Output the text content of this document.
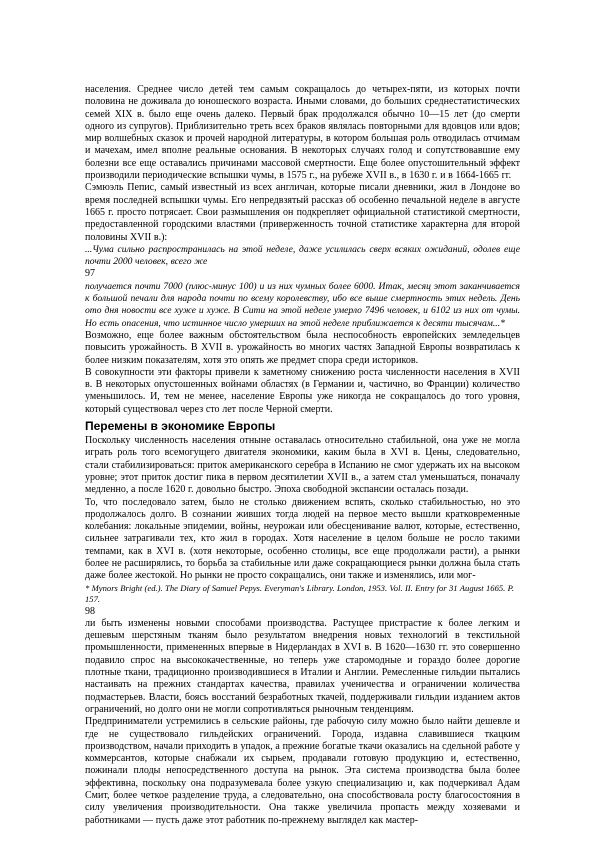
населения. Среднее число детей тем самым сокращалось до четырех-пяти, из которых почти половина не доживала до юношеского возраста. Иными словами, до больших среднестатистических семей XIX в. было еще очень далеко. Первый брак продолжался обычно 10—15 лет (до смерти одного из супругов). Приблизительно треть всех браков являлась повторными для вдовцов или вдов; мир волшебных сказок и прочей народной литературы, в котором большая роль отводилась отчимам и мачехам, имел вполне реальные основания. В некоторых случаях голод и сопутствовавшие ему болезни все еще оставались причинами массовой смертности. Еще более опустошительный эффект производили периодические вспышки чумы, в 1575 г., на рубеже XVII в., в 1630 г. и в 1664-1665 гг.

Сэмюэль Пепис, самый известный из всех англичан, которые писали дневники, жил в Лондоне во время последней вспышки чумы. Его непредвзятый рассказ об особенно печальной неделе в августе 1665 г. просто потрясает. Свои размышления он подкрепляет официальной статистикой смертности, предоставленной городскими властями (приверженность точной статистике характерна для второй половины XVII в.):

...Чума сильно распространилась на этой неделе, даже усилилась сверх всяких ожиданий, одолев еще почти 2000 человек, всего же

97

получается почти 7000 (плюс-минус 100) и из них чумных более 6000. Итак, месяц этот заканчивается к большой печали для народа почти по всему королевству, ибо все выше смертность этих недель. День ото дня новости все хуже и хуже. В Сити на этой неделе умерло 7496 человек, и 6102 из них от чумы. Но есть опасения, что истинное число умерших на этой неделе приближается к десяти тысячам...*

Возможно, еще более важным обстоятельством была неспособность европейских земледельцев повысить урожайность. В XVII в. урожайность во многих частях Западной Европы возвратилась к более низким показателям, хотя это опять же предмет спора среди историков.

В совокупности эти факторы привели к заметному снижению роста численности населения в XVII в. В некоторых опустошенных войнами областях (в Германии и, частично, во Франции) количество уменьшилось. И, тем не менее, население Европы уже никогда не сокращалось до того уровня, который существовал через сто лет после Черной смерти.

Перемены в экономике Европы

Поскольку численность населения отныне оставалась относительно стабильной, она уже не могла играть роль того всемогущего двигателя экономики, каким была в XVI в. Цены, следовательно, стали стабилизироваться: приток американского серебра в Испанию не смог удержать их на высоком уровне; этот приток достиг пика в первом десятилетии XVII в., а затем стал уменьшаться, поначалу медленно, а после 1620 г. довольно быстро. Эпоха свободной экспансии осталась позади.

То, что последовало затем, было не столько движением вспять, сколько стабильностью, но это продолжалось долго. В сознании живших тогда людей на первое место вышли кратковременные колебания: локальные эпидемии, войны, неурожаи или обесценивание валют, которые, естественно, сильнее затрагивали тех, кто жил в городах. Хотя население в целом больше не росло такими темпами, как в XVI в. (хотя некоторые, особенно столицы, все еще продолжали расти), а рынки более не расширялись, то борьба за стабильные или даже сокращающиеся рынки должна была стать даже более жестокой. Но рынки не просто сокращались, они также и изменялись, или мог-

* Mynors Bright (ed.). The Diary of Samuel Pepys. Everyman's Library. London, 1953. Vol. II. Entry for 31 August 1665. P. 157.

98

ли быть изменены новыми способами производства. Растущее пристрастие к более легким и дешевым шерстяным тканям было результатом внедрения новых технологий в текстильной промышленности, примененных впервые в Нидерландах в XVI в. В 1620—1630 гг. это совершенно подавило спрос на высококачественные, но теперь уже старомодные и гораздо более дорогие плотные ткани, традиционно производившиеся в Италии и Англии. Ремесленные гильдии пытались настаивать на прежних стандартах качества, правилах ученичества и ограничении количества подмастерьев. Власти, боясь восстаний безработных ткачей, поддерживали гильдии изданием актов ограничений, но долго они не могли сопротивляться рыночным тенденциям.

Предприниматели устремились в сельские районы, где рабочую силу можно было найти дешевле и где не существовало гильдейских ограничений. Города, издавна славившиеся ткацким производством, начали приходить в упадок, а прежние богатые ткачи оказались на сдельной работе у коммерсантов, которые снабжали их сырьем, продавали готовую продукцию и, естественно, пожинали плоды непосредственного доступа на рынок. Эта система производства была более эффективна, поскольку она подразумевала более узкую специализацию и, как подчеркивал Адам Смит, более четкое разделение труда, а следовательно, она способствовала росту благосостояния в силу увеличения производительности. Она также увеличила пропасть между хозяевами и работниками — пусть даже этот работник по-прежнему выглядел как мастер-
